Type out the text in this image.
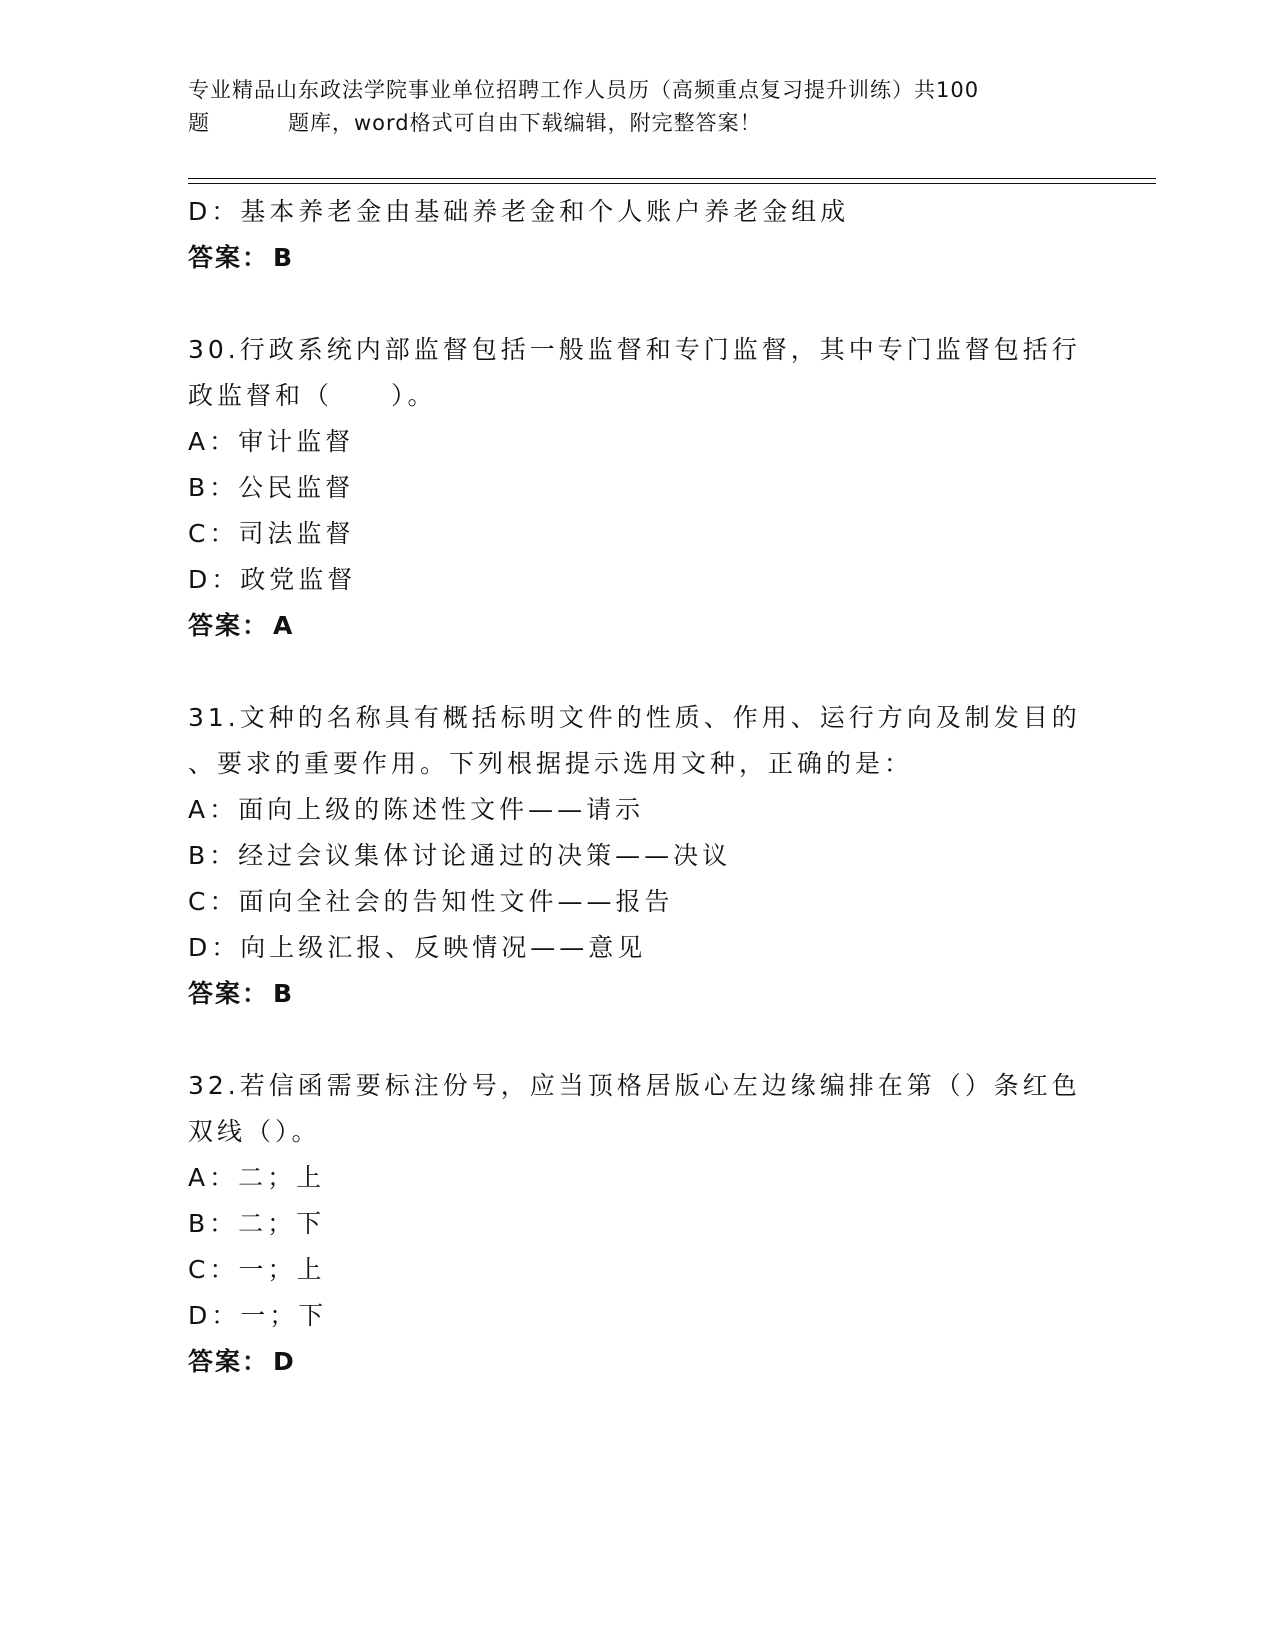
专业精品山东政法学院事业单位招聘工作人员历（高频重点复习提升训练）共100
题	题库，word格式可自由下载编辑，附完整答案！
D：基本养老金由基础养老金和个人账户养老金组成
答案： B
30.行政系统内部监督包括一般监督和专门监督，其中专门监督包括行
政监督和（　　）。
A：审计监督
B：公民监督
C：司法监督
D：政党监督
答案： A
31.文种的名称具有概括标明文件的性质、作用、运行方向及制发目的
、要求的重要作用。下列根据提示选用文种，正确的是：
A：面向上级的陈述性文件——请示
B：经过会议集体讨论通过的决策——决议
C：面向全社会的告知性文件——报告
D：向上级汇报、反映情况——意见
答案： B
32.若信函需要标注份号，应当顶格居版心左边缘编排在第（）条红色
双线（）。
A：二；上
B：二；下
C：一；上
D：一；下
答案： D
